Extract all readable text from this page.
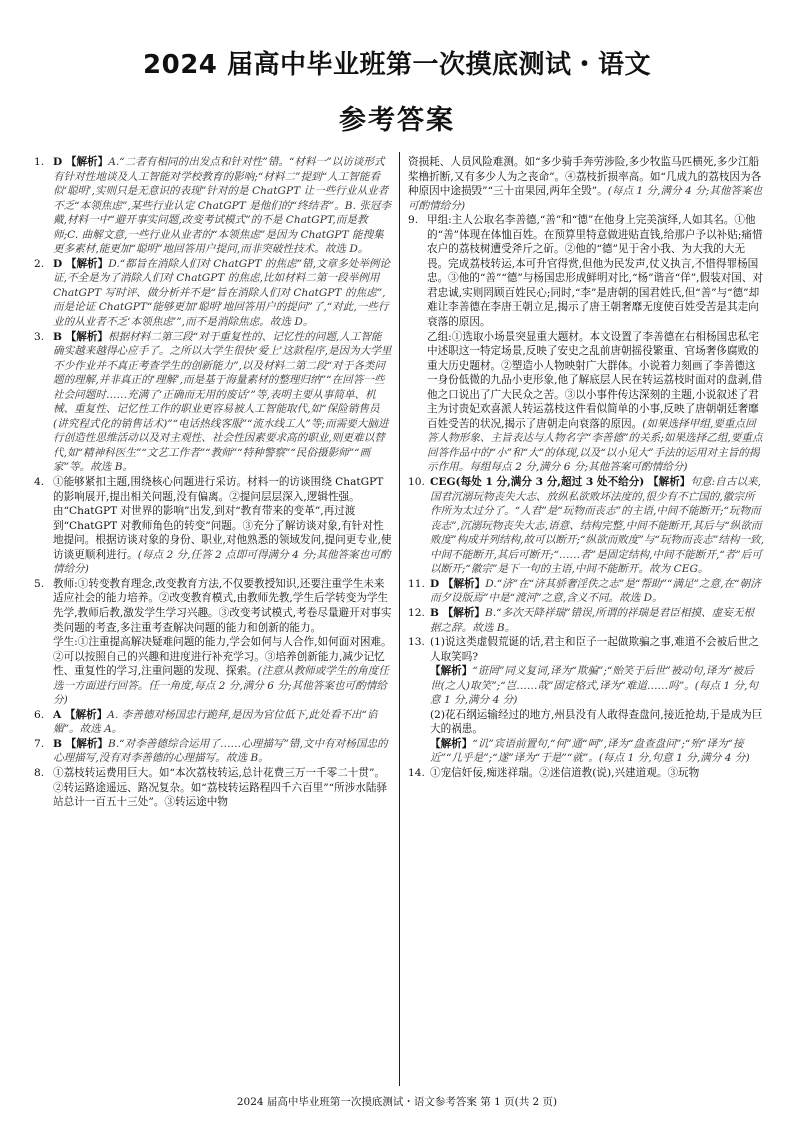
2024 届高中毕业班第一次摸底测试・语文
参考答案
1. D 【解析】A.“二者有相同的出发点和针对性”错。“材料一”以访谈形式有针对性地谈及人工智能对学校教育的影响;“材料二”提到“人工智能看似‘聪明’,实则只是无意识的表现”针对的是 ChatGPT 让一些行业从业者不乏“本领焦虑”,某些行业认定 ChatGPT 是他们的“终结者”。B. 张冠李戴,材料一中“避开事实问题,改变考试模式”的不是 ChatGPT,而是教师;C. 曲解文意,一些行业从业者的“本领焦虑”是因为 ChatGPT 能搜集更多素材,能更加“聪明”地回答用户提问,而非突破性技术。故选 D。

2. D 【解析】D.“都旨在消除人们对 ChatGPT 的焦虑”错,文章多处举例论证,不全是为了消除人们对 ChatGPT 的焦虑,比如材料二第一段举例用 ChatGPT 写时评、做分析并不是“旨在消除人们对 ChatGPT 的焦虑”,而是论证 ChatGPT“能够更加‘聪明’地回答用户的提问”了,“对此,一些行业的从业者不乏‘本领焦虑’”,而不是消除焦虑。故选 D。

3. B 【解析】根据材料二第三段“对于重复性的、记忆性的问题,人工智能确实越来越得心应手了。之所以大学生很快‘爱上’这款程序,是因为大学里不少作业并不真正考查学生的创新能力”,以及材料二第二段“对于各类问题的理解,并非真正的‘理解’,而是基于海量素材的整理归纳”“在回答一些社会问题时……充满了‘正确而无用的废话’”等,表明主要从事简单、机械、重复性、记忆性工作的职业更容易被人工智能取代,如“保险销售员(讲究程式化的销售话术)”“电话热线客服”“流水线工人”等;而需要大脑进行创造性思维活动以及对主观性、社会性因素要求高的职业,则更难以替代,如“精神科医生”“文艺工作者”“教师”“特种警察”“民俗摄影师”“画家”等。故选 B。

4. ①能够紧扣主题,围绕核心问题进行采访。材料一的访谈围绕 ChatGPT 的影响展开,提出相关问题,没有偏离。②提问层层深入,逻辑性强。由“ChatGPT 对世界的影响”出发,到对“教育带来的变革”,再过渡到“ChatGPT 对教师角色的转变”问题。③充分了解访谈对象,有针对性地提问。根据访谈对象的身份、职业,对他熟悉的领域发问,提问更专业,使访谈更顺利进行。(每点 2 分,任答 2 点即可得满分 4 分;其他答案也可酌情给分)

5. 教师:①转变教育理念,改变教育方法,不仅要教授知识,还要注重学生未来适应社会的能力培养。②改变教育模式,由教师先教,学生后学转变为学生先学,教师后教,激发学生学习兴趣。③改变考试模式,考卷尽量避开对事实类问题的考查,多注重考查解决问题的能力和创新的能力。

学生:①注重提高解决疑难问题的能力,学会如何与人合作,如何面对困难。②可以按照自己的兴趣和进度进行补充学习。③培养创新能力,减少记忆性、重复性的学习,注重问题的发现、探索。(注意从教师或学生的角度任选一方面进行回答。任一角度,每点 2 分,满分 6 分;其他答案也可酌情给分)

6. A 【解析】A. 李善德对杨国忠行跪拜,是因为官位低下,此处看不出“谄媚”。故选 A。

7. B 【解析】B.“对李善德综合运用了……心理描写”错,文中有对杨国忠的心理描写,没有对李善德的心理描写。故选 B。

8. ①荔枝转运费用巨大。如“本次荔枝转运,总计花费三万一千零二十贯”。②转运路途遥远、路况复杂。如“荔枝转运路程四千六百里”“所涉水陆驿站总计一百五十三处”。③转运途中物

资损耗、人员风险难测。如“多少骑手奔劳涉险,多少牧监马匹横死,多少江船桨橹折断,又有多少人为之丧命”。④荔枝折损率高。如“几成九的荔枝因为各种原因中途损毁”“三十亩果园,两年全毁”。(每点 1 分,满分 4 分;其他答案也可酌情给分)

9. 甲组:主人公取名李善德,“善”和“德”在他身上完美演绎,人如其名。①他的“善”体现在体恤百姓。在预算里特意做进贴直钱,给那户予以补贴;痛惜农户的荔枝树遭受斧斤之斫。②他的“德”见于舍小我、为大我的大无畏。完成荔枝转运,本可升官得赏,但他为民发声,仗义执言,不惜得罪杨国忠。③他的“善”“德”与杨国忠形成鲜明对比,“杨”谐音“佯”,假装对国、对君忠诚,实则罔顾百姓民心;同时,“李”是唐朝的国君姓氏,但“善”与“德”却难让李善德在李唐王朝立足,揭示了唐王朝奢靡无度使百姓受苦是其走向衰落的原因。

乙组:①选取小场景突显重大题材。本文设置了李善德在右相杨国忠私宅中述职这一特定场景,反映了安史之乱前唐朝摇役繁重、官场奢侈腐败的重大历史题材。②塑造小人物映射广大群体。小说着力刻画了李善德这一身份低微的九品小吏形象,他了解底层人民在转运荔枝时面对的盘剥,借他之口说出了广大民众之苦。③以小事件传达深刻的主题,小说叙述了君主为讨贵妃欢喜派人转运荔枝这件看似简单的小事,反映了唐朝朝廷奢靡百姓受苦的状况,揭示了唐朝走向衰落的原因。(如果选择甲组,要重点回答人物形象、主旨表达与人物名字“李善德”的关系;如果选择乙组,要重点回答作品中的“小”和“大”的体现,以及“以小见大”手法的运用对主旨的揭示作用。每组每点 2 分,满分 6 分;其他答案可酌情给分)

10. CEG(每处 1 分,满分 3 分,超过 3 处不给分) 【解析】句意:自古以来,国君沉溺玩物丧失大志、放纵私欲败坏法度的,很少有不亡国的,徽宗所作所为太过分了。“人君”是“玩物而丧志”的主语,中间不能断开;“玩物而丧志”,沉溺玩物丧失大志,语意、结构完整,中间不能断开,其后与“纵欲而败度”构成并列结构,故可以断开;“纵欲而败度”与“玩物而丧志”结构一致,中间不能断开,其后可断开;“……者”是固定结构,中间不能断开,“者”后可以断开;“徽宗”是下一句的主语,中间不能断开。故为 CEG。

11. D 【解析】D.“济”在“济其骄奢淫佚之志”是“帮助”“满足”之意,在“朝济而夕设版焉”中是“渡河”之意,含义不同。故选 D。

12. B 【解析】B.“多次天降祥瑞”错误,所谓的祥瑞是君臣相摸、虚妄无根据之辞。故选 B。

13. (1)说这类虚假荒诞的话,君主和臣子一起做欺骗之事,难道不会被后世之人取笑吗?

【解析】“诳罔”同义复词,译为“欺骗”;“贻笑于后世”被动句,译为“被后世(之人)取笑”;“岂……哉”固定格式,译为“难道……吗”。(每点 1 分,句意 1 分,满分 4 分)

(2)花石纲运输经过的地方,州县没有人敢得查盘问,接近抢劫,于是成为巨大的祸患。

【解析】“讥”宾语前置句,“何”通“呵”,译为“盘查盘问”;“殆”译为“接近”“几乎是”;“遂”译为“于是”“就”。(每点 1 分,句意 1 分,满分 4 分)

14. ①宠信奸佞,痴迷祥瑞。②迷信道教(说),兴建道观。③玩物

2024 届高中毕业班第一次摸底测试・语文参考答案 第 1 页(共 2 页)
